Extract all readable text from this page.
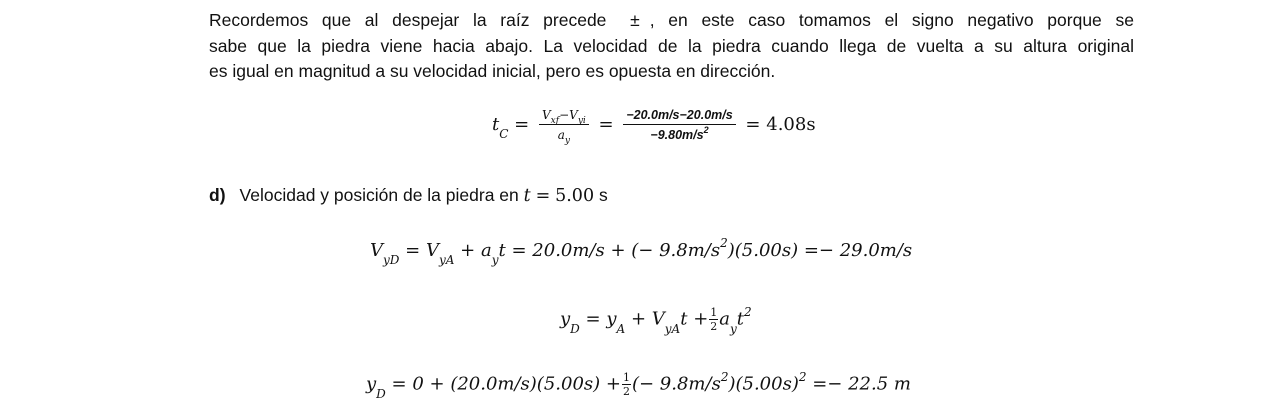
Recordemos que al despejar la raíz precede ± , en este caso tomamos el signo negativo porque se
sabe que la piedra viene hacia abajo. La velocidad de la piedra cuando llega de vuelta a su altura original
es igual en magnitud a su velocidad inicial, pero es opuesta en dirección.
$t_C = \frac{V_{xf}-V_{yi}}{a_y} = \frac{-20.0m/s-20.0m/s}{-9.80m/s^2} = 4.08s$
d) Velocidad y posición de la piedra en t = 5.00 s
$V_{yD} = V_{yA} + a_yt = 20.0m/s$ + (− $9.8m/s^2)(5.00s) =- 29.0m/s$
$y_D = y_A + V_{yA}t + \frac{1}{2} a_yt^2$
$y_D = 0 + (20.0m/s)(5.00s) + \frac{1}{2}$ (− $9.8m/s^2)(5.00s)^2 =- 22.5$ m
